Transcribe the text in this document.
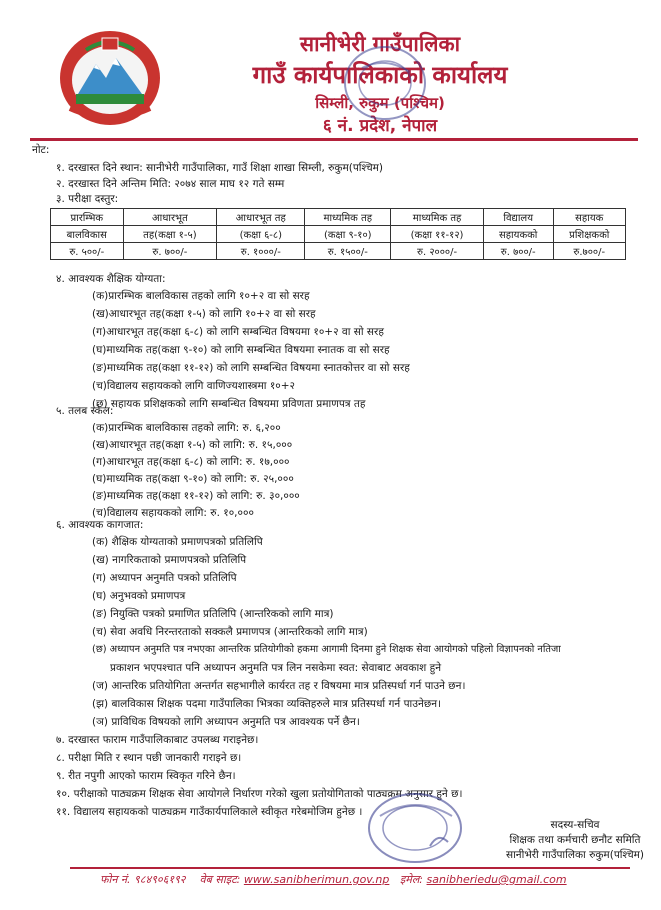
सानीभेरी गाउँपालिका
गाउँ कार्यपालिकाको कार्यालय
सिम्ली, रुकुम (पश्चिम)
६ नं. प्रदेश, नेपाल
नोट:
१. दरखास्त दिने स्थान: सानीभेरी गाउँपालिका, गाउँ शिक्षा शाखा सिम्ली, रुकुम(पश्चिम)
२. दरखास्त दिने अन्तिम मिति: २०७४ साल माघ १२ गते सम्म
३. परीक्षा दस्तुर:
प्रारम्भिक	आधारभूत	आधारभूत तह	माध्यमिक तह	माध्यमिक तह	विद्यालय	सहायक
बालविकास	तह(कक्षा १-५)	(कक्षा ६-८)	(कक्षा ९-१०)	(कक्षा ११-१२)	सहायकको	प्रशिक्षकको
रु. ५००/-	रु. ७००/-	रु. १०००/-	रु. १५००/-	रु. २०००/-	रु. ७००/-	रु.७००/-
४. आवश्यक शैक्षिक योग्यता:
(क)प्रारम्भिक बालविकास तहको लागि १०+२ वा सो सरह
(ख)आधारभूत तह(कक्षा १-५) को लागि १०+२ वा सो सरह
(ग)आधारभूत तह(कक्षा ६-८) को लागि सम्बन्धित विषयमा १०+२ वा सो सरह
(घ)माध्यमिक तह(कक्षा ९-१०) को लागि सम्बन्धित विषयमा स्नातक वा सो सरह
(ङ)माध्यमिक तह(कक्षा ११-१२) को लागि सम्बन्धित विषयमा स्नातकोत्तर वा सो सरह
(च)विद्यालय सहायकको लागि वाणिज्यशास्त्रमा १०+२
(छ) सहायक प्रशिक्षकको लागि सम्बन्धित विषयमा प्रविणता प्रमाणपत्र तह
५. तलब स्केल:
(क)प्रारम्भिक बालविकास तहको लागि: रु. ६,२००
(ख)आधारभूत तह(कक्षा १-५) को लागि: रु. १५,०००
(ग)आधारभूत तह(कक्षा ६-८) को लागि: रु. १७,०००
(घ)माध्यमिक तह(कक्षा ९-१०) को लागि: रु. २५,०००
(ङ)माध्यमिक तह(कक्षा ११-१२) को लागि: रु. ३०,०००
(च)विद्यालय सहायकको लागि: रु. १०,०००
६. आवश्यक कागजात:
(क) शैक्षिक योग्यताको प्रमाणपत्रको प्रतिलिपि
(ख) नागरिकताको प्रमाणपत्रको प्रतिलिपि
(ग) अध्यापन अनुमति पत्रको प्रतिलिपि
(घ) अनुभवको प्रमाणपत्र
(ङ) नियुक्ति पत्रको प्रमाणित प्रतिलिपि (आन्तरिकको लागि मात्र)
(च) सेवा अवधि निरन्तरताको सक्कलै प्रमाणपत्र (आन्तरिकको लागि मात्र)
(छ) अध्यापन अनुमति पत्र नभएका आन्तरिक प्रतियोगीको हकमा आगामी दिनमा हुने शिक्षक सेवा आयोगको पहिलो विज्ञापनको नतिजा
प्रकाशन भएपश्चात पनि अध्यापन अनुमति पत्र लिन नसकेमा स्वत: सेवाबाट अवकाश हुने
(ज) आन्तरिक प्रतियोगिता अन्तर्गत सहभागीले कार्यरत तह र विषयमा मात्र प्रतिस्पर्धा गर्न पाउने छन।
(झ) बालविकास शिक्षक पदमा गाउँपालिका भित्रका व्यक्तिहरुले मात्र प्रतिस्पर्धा गर्न पाउनेछन।
(ञ) प्राविधिक विषयको लागि अध्यापन अनुमति पत्र आवश्यक पर्ने छैन।
७. दरखास्त फाराम गाउँपालिकाबाट उपलब्ध गराइनेछ।
८. परीक्षा मिति र स्थान पछी जानकारी गराइने छ।
९. रीत नपुगी आएको फाराम स्विकृत गरिने छैन।
१०. परीक्षाको पाठ्यक्रम शिक्षक सेवा आयोगले निर्धारण गरेको खुला प्रतोयोगिताको पाठ्यक्रम अनुसार हुने छ।
११. विद्यालय सहायकको पाठ्यक्रम गाउँकार्यपालिकाले स्वीकृत गरेबमोजिम हुनेछ ।
सदस्य-सचिव
शिक्षक तथा कर्मचारी छनौट समिति
सानीभेरी गाउँपालिका रुकुम(पश्चिम)
फोन नं. ९८४९०६१९२ वेब साइट: www.sanibherimun.gov.np इमेल: sanibheriedu@gmail.com
